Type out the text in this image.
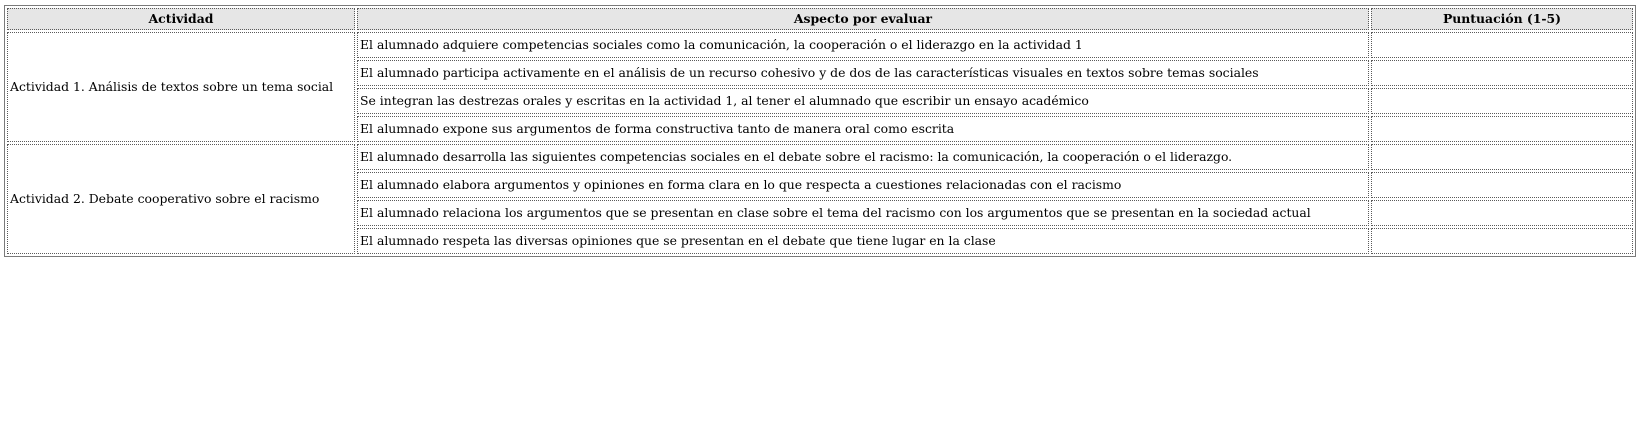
Actividad	Aspecto por evaluar	Puntuación (1-5)
Actividad 1. Análisis de textos sobre un tema social	El alumnado adquiere competencias sociales como la comunicación, la cooperación o el liderazgo en la actividad 1	
	El alumnado participa activamente en el análisis de un recurso cohesivo y de dos de las características visuales en textos sobre temas sociales	
	Se integran las destrezas orales y escritas en la actividad 1, al tener el alumnado que escribir un ensayo académico	
	El alumnado expone sus argumentos de forma constructiva tanto de manera oral como escrita	
Actividad 2. Debate cooperativo sobre el racismo	El alumnado desarrolla las siguientes competencias sociales en el debate sobre el racismo: la comunicación, la cooperación o el liderazgo.	
	El alumnado elabora argumentos y opiniones en forma clara en lo que respecta a cuestiones relacionadas con el racismo	
	El alumnado relaciona los argumentos que se presentan en clase sobre el tema del racismo con los argumentos que se presentan en la sociedad actual	
	El alumnado respeta las diversas opiniones que se presentan en el debate que tiene lugar en la clase	
